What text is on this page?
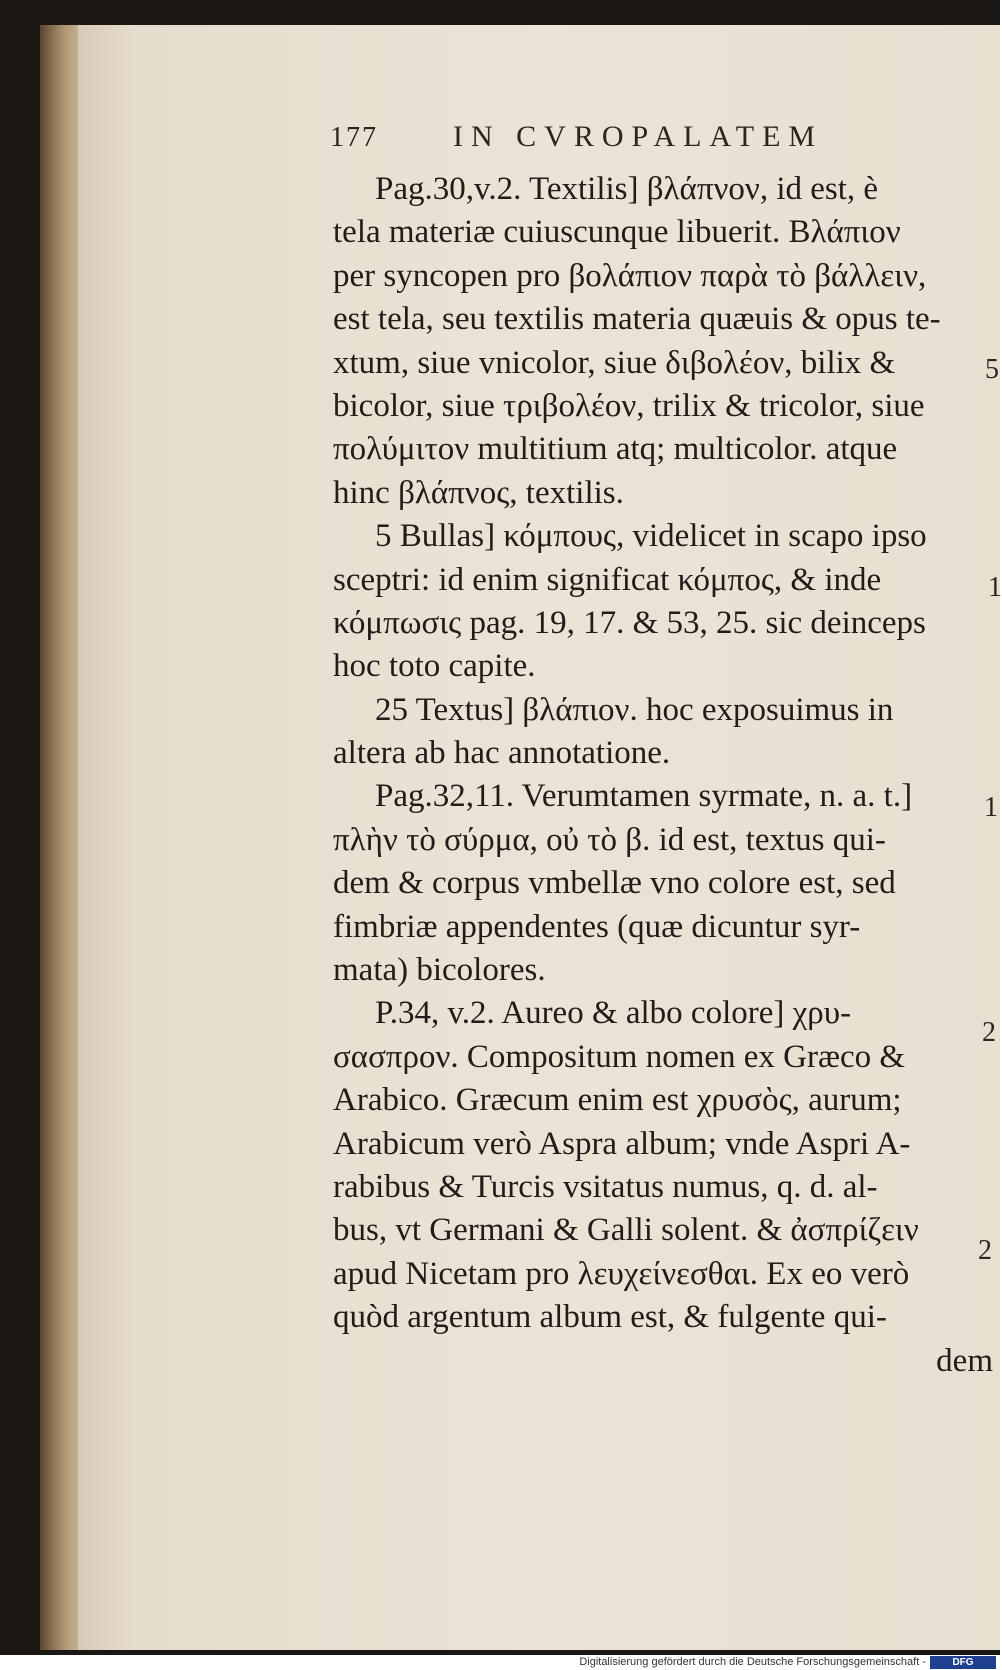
177	IN CVROPALATEM
Pag.30,v.2. Textilis] βλάπνον, id est, è
tela materiæ cuiuscunque libuerit. Βλάπιον
per syncopen pro βολάπιον παρὰ τὸ βάλλειν,
est tela, seu textilis materia quæuis & opus te-
xtum, siue vnicolor, siue διβολέον, bilix &
bicolor, siue τριβολέον, trilix & tricolor, siue
πολύμιτον multitium atq; multicolor. atque
hinc βλάπνος, textilis.
5 Bullas] κόμπους, videlicet in scapo ipso
sceptri: id enim significat κόμπος, & inde
κόμπωσις pag. 19, 17. & 53, 25. sic deinceps
hoc toto capite.
25 Textus] βλάπιον. hoc exposuimus in
altera ab hac annotatione.
Pag.32,11. Verumtamen syrmate, n. a. t.]
πλὴν τὸ σύρμα, οὐ τὸ β. id est, textus qui-
dem & corpus vmbellæ vno colore est, sed
fimbriæ appendentes (quæ dicuntur syr-
mata) bicolores.
P.34, v.2. Aureo & albo colore] χρυ-
σασπρον. Compositum nomen ex Græco &
Arabico. Græcum enim est χρυσὸς, aurum;
Arabicum verò Aspra album; vnde Aspri A-
rabibus & Turcis vsitatus numus, q. d. al-
bus, vt Germani & Galli solent. & ἀσπρίζειν
apud Nicetam pro λευχείνεσθαι. Ex eo verò
quòd argentum album est, & fulgente qui-
dem
5
1
1
2
2
Digitalisierung gefördert durch die Deutsche Forschungsgemeinschaft -	DFG
